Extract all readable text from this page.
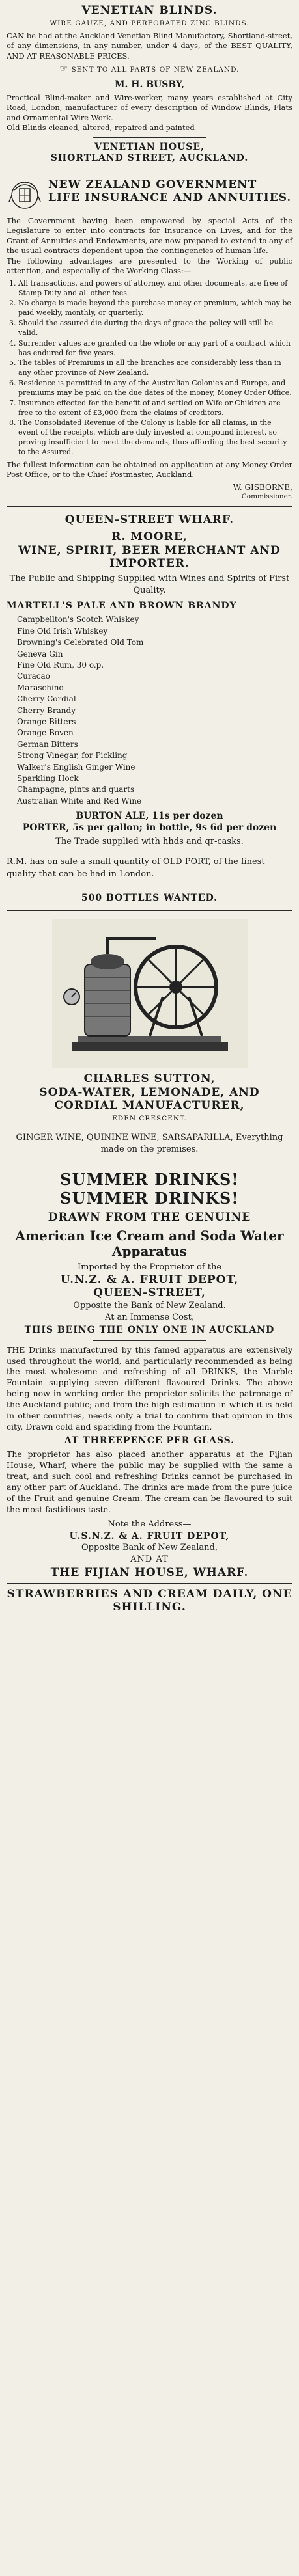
VENETIAN BLINDS.
WIRE GAUZE, AND PERFORATED ZINC BLINDS.
CAN be had at the Auckland Venetian Blind Manufactory, Shortland-street, of any dimensions, in any number, under 4 days, of the BEST QUALITY, AND AT REASONABLE PRICES.
☞ SENT TO ALL PARTS OF NEW ZEALAND.
M. H. BUSBY,
Practical Blind-maker and Wire-worker, many years established at City Road, London, manufacturer of every description of Window Blinds, Flats and Ornamental Wire Work.
Old Blinds cleaned, altered, repaired and painted
VENETIAN HOUSE,
SHORTLAND STREET, AUCKLAND.
NEW ZEALAND GOVERNMENT LIFE INSURANCE AND ANNUITIES.
The Government having been empowered by special Acts of the Legislature to enter into contracts for Insurance on Lives, and for the Grant of Annuities and Endowments, are now prepared to extend to any of the usual contracts dependent upon the contingencies of human life.
The following advantages are presented to the Working of public attention, and especially of the Working Class:—
1. All transactions, and powers of attorney, and other documents, are free of Stamp Duty and all other fees.
2. No charge is made beyond the purchase money or premium, which may be paid weekly, monthly, or quarterly.
3. Should the assured die during the days of grace the policy will still be valid.
4. Surrender values are granted on the whole or any part of a contract which has endured for five years.
5. The tables of Premiums in all the branches are considerably less than in any other province of New Zealand.
6. Residence is permitted in any of the Australian Colonies and Europe, and premiums may be paid on the due dates of the money, Money Order Office.
7. Insurance effected for the benefit of and settled on Wife or Children are free to the extent of £3,000 from the claims of creditors.
8. The Consolidated Revenue of the Colony is liable for all claims, in the event of the receipts, which are duly invested at compound interest, so proving insufficient to meet the demands, thus affording the best security to the Assured.
The fullest information can be obtained on application at any Money Order Post Office, or to the Chief Postmaster, Auckland.
W. GISBORNE,
Commissioner.
QUEEN-STREET WHARF.
R. MOORE,
WINE, SPIRIT, BEER MERCHANT AND IMPORTER.
The Public and Shipping Supplied with Wines and Spirits of First Quality.
MARTELL'S PALE AND BROWN BRANDY
Campbellton's Scotch Whiskey
Fine Old Irish Whiskey
Browning's Celebrated Old Tom
Geneva Gin
Fine Old Rum, 30 o.p.
Curacao
Maraschino
Cherry Cordial
Cherry Brandy
Orange Bitters
Orange Boven
German Bitters
Strong Vinegar, for Pickling
Walker's English Ginger Wine
Sparkling Hock
Champagne, pints and quarts
Australian White and Red Wine
BURTON ALE, 11s per dozen
PORTER, 5s per gallon; in bottle, 9s 6d per dozen
The Trade supplied with hhds and qr-casks.
R.M. has on sale a small quantity of OLD PORT, of the finest quality that can be had in London.
500 BOTTLES WANTED.
CHARLES SUTTON,
SODA-WATER, LEMONADE, AND CORDIAL MANUFACTURER,
EDEN CRESCENT.
GINGER WINE, QUININE WINE, SARSAPARILLA, Everything made on the premises.
SUMMER DRINKS!
SUMMER DRINKS!
DRAWN FROM THE GENUINE
American Ice Cream and Soda Water Apparatus
Imported by the Proprietor of the
U.N.Z. & A. FRUIT DEPOT,
QUEEN-STREET,
Opposite the Bank of New Zealand.
At an Immense Cost,
THIS BEING THE ONLY ONE IN AUCKLAND
THE Drinks manufactured by this famed apparatus are extensively used throughout the world, and particularly recommended as being the most wholesome and refreshing of all DRINKS, the Marble Fountain supplying seven different flavoured Drinks. The above being now in working order the proprietor solicits the patronage of the Auckland public; and from the high estimation in which it is held in other countries, needs only a trial to confirm that opinion in this city. Drawn cold and sparkling from the Fountain,
AT THREEPENCE PER GLASS.
The proprietor has also placed another apparatus at the Fijian House, Wharf, where the public may be supplied with the same a treat, and such cool and refreshing Drinks cannot be purchased in any other part of Auckland. The drinks are made from the pure juice of the Fruit and genuine Cream. The cream can be flavoured to suit the most fastidious taste.
Note the Address—
U.S.N.Z. & A. FRUIT DEPOT,
Opposite Bank of New Zealand,
AND AT
THE FIJIAN HOUSE, WHARF.
STRAWBERRIES AND CREAM DAILY, ONE SHILLING.
